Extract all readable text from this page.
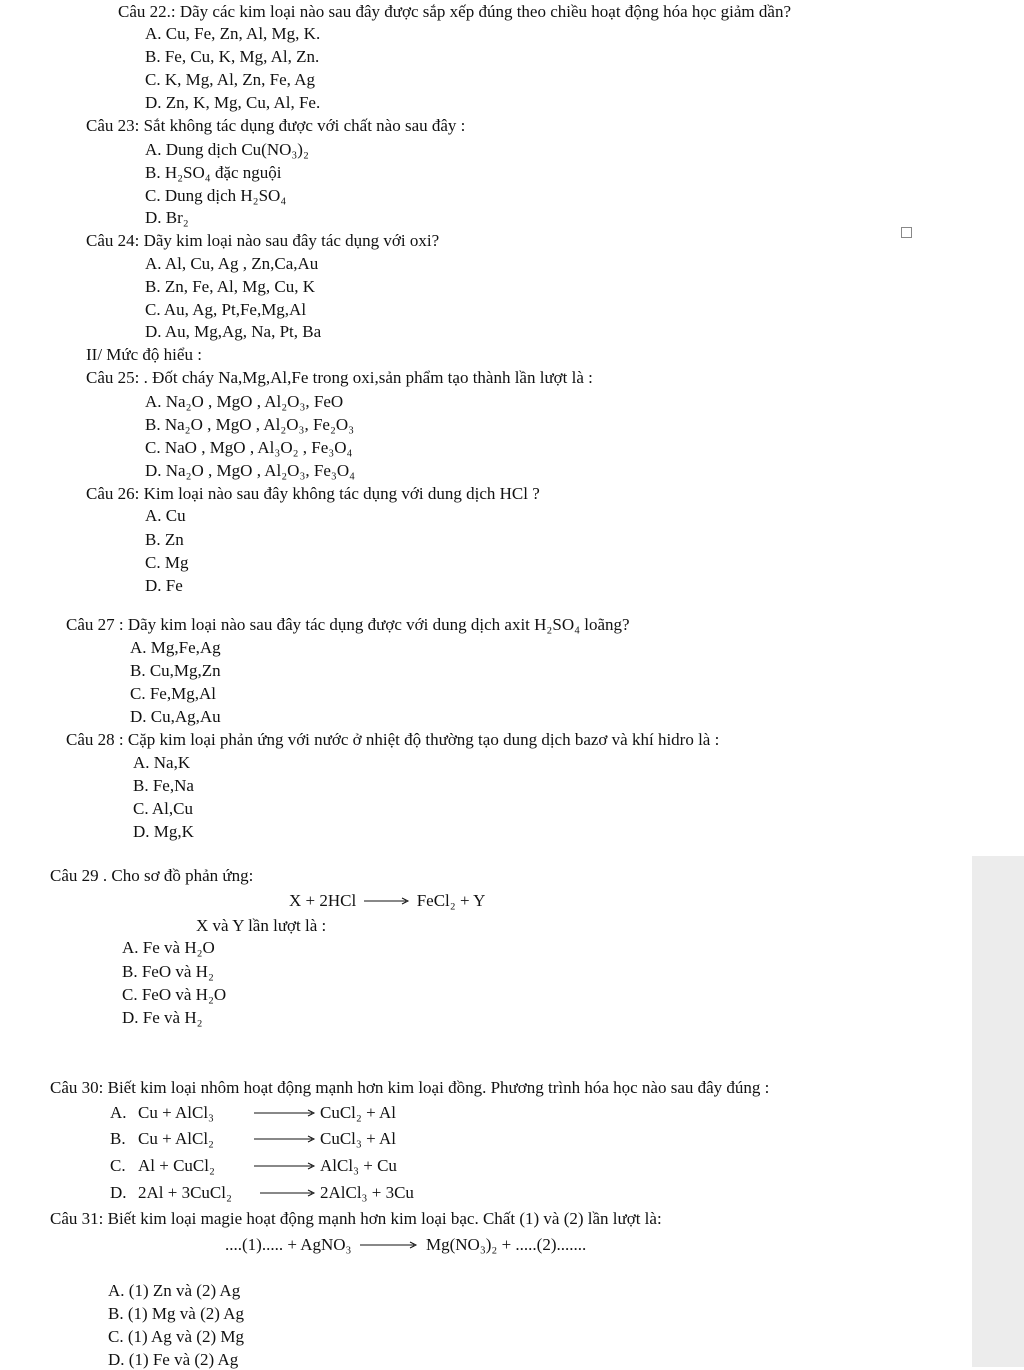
Câu 22.: Dãy các kim loại nào sau đây được sắp xếp đúng theo chiều hoạt động hóa học giảm dần?
A. Cu, Fe, Zn, Al, Mg, K.
B. Fe, Cu, K, Mg, Al, Zn.
C. K, Mg, Al, Zn, Fe, Ag
D. Zn, K, Mg, Cu, Al, Fe.
Câu 23: Sắt không tác dụng được với chất nào sau đây :
A. Dung dịch Cu(NO₃)₂
B. H₂SO₄ đặc nguội
C. Dung dịch H₂SO₄
D. Br₂
Câu 24: Dãy kim loại nào sau đây tác dụng với oxi?
A. Al, Cu, Ag , Zn,Ca,Au
B. Zn, Fe, Al, Mg, Cu, K
C. Au, Ag, Pt,Fe,Mg,Al
D. Au, Mg,Ag, Na, Pt, Ba
II/ Mức độ hiểu :
Câu 25: . Đốt cháy Na,Mg,Al,Fe trong oxi,sản phẩm tạo thành lần lượt là :
A. Na₂O , MgO , Al₂O₃, FeO
B. Na₂O , MgO , Al₂O₃, Fe₂O₃
C. NaO , MgO , Al₃O₂ , Fe₃O₄
D. Na₂O , MgO , Al₂O₃, Fe₃O₄
Câu 26: Kim loại nào sau đây không tác dụng với dung dịch HCl ?
A. Cu
B. Zn
C. Mg
D. Fe
Câu 27 : Dãy kim loại nào sau đây tác dụng được với dung dịch axit H₂SO₄ loãng?
A. Mg,Fe,Ag
B. Cu,Mg,Zn
C. Fe,Mg,Al
D. Cu,Ag,Au
Câu 28 : Cặp kim loại phản ứng với nước ở nhiệt độ thường tạo dung dịch bazơ và khí hidro là :
A. Na,K
B. Fe,Na
C. Al,Cu
D. Mg,K
Câu 29 . Cho sơ đồ phản ứng:
X + 2HCl → FeCl₂ + Y
X và Y lần lượt là :
A. Fe và H₂O
B. FeO và H₂
C. FeO và H₂O
D. Fe và H₂
Câu 30: Biết kim loại nhôm hoạt động mạnh hơn kim loại đồng. Phương trình hóa học nào sau đây đúng :
A. Cu + AlCl₃	CuCl₂ + Al
B. Cu + AlCl₂	CuCl₃ + Al
C. Al + CuCl₂	AlCl₃ + Cu
D. 2Al + 3CuCl₂ →2AlCl₃ + 3Cu
Câu 31: Biết kim loại magie hoạt động mạnh hơn kim loại bạc. Chất (1) và (2) lần lượt là:
....(1)..... + AgNO₃ → Mg(NO₃)₂ + .....(2).......
A. (1) Zn và (2) Ag
B. (1) Mg và (2) Ag
C. (1) Ag và (2) Mg
D. (1) Fe và (2) Ag
